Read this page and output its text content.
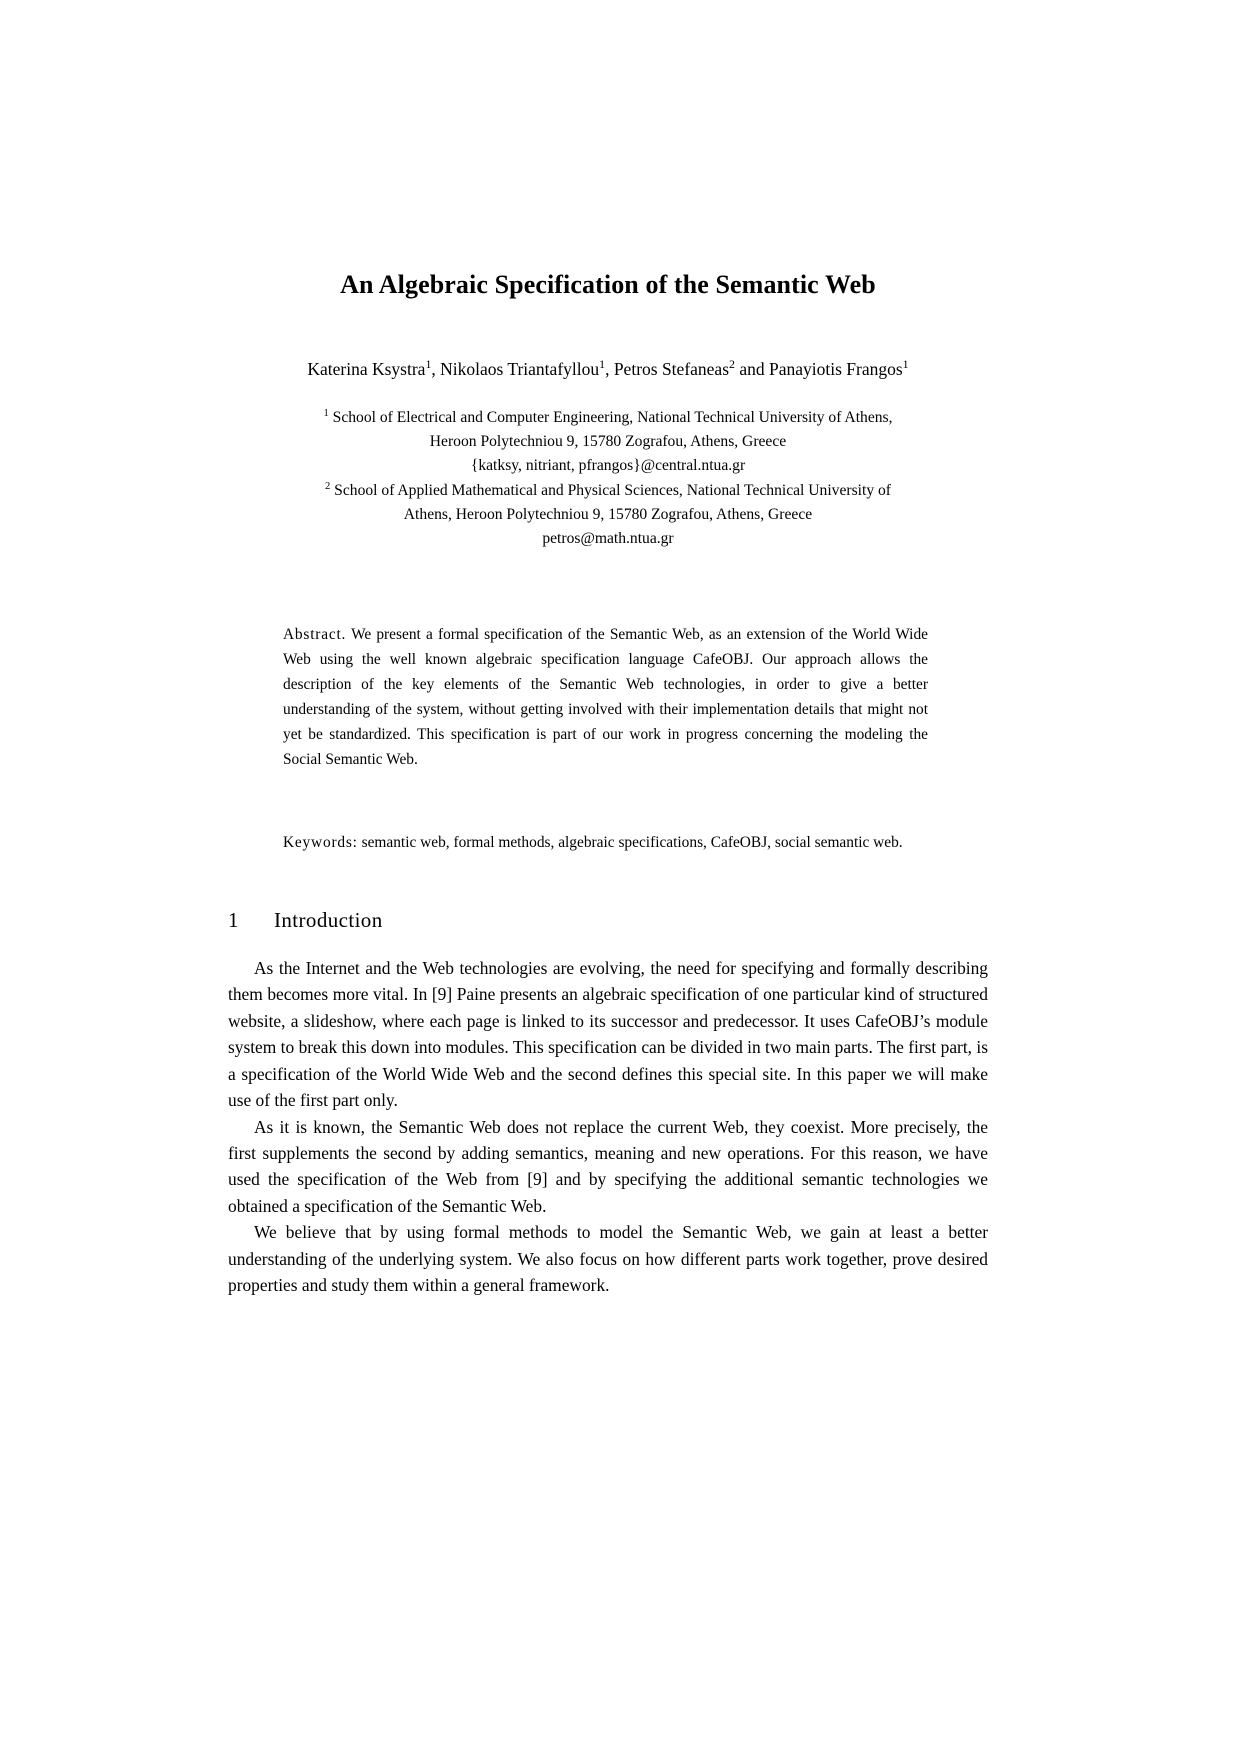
An Algebraic Specification of the Semantic Web
Katerina Ksystra$^1$, Nikolaos Triantafyllou$^1$, Petros Stefaneas$^2$ and Panayiotis Frangos$^1$
$^1$ School of Electrical and Computer Engineering, National Technical University of Athens,
Heroon Polytechniou 9, 15780 Zografou, Athens, Greece
{katksy, nitriant, pfrangos}@central.ntua.gr
$^2$ School of Applied Mathematical and Physical Sciences, National Technical University of
Athens, Heroon Polytechniou 9, 15780 Zografou, Athens, Greece
petros@math.ntua.gr
Abstract. We present a formal specification of the Semantic Web, as an extension of the World Wide Web using the well known algebraic specification language CafeOBJ. Our approach allows the description of the key elements of the Semantic Web technologies, in order to give a better understanding of the system, without getting involved with their implementation details that might not yet be standardized. This specification is part of our work in progress concerning the modeling the Social Semantic Web.
Keywords: semantic web, formal methods, algebraic specifications, CafeOBJ, social semantic web.
1 Introduction

As the Internet and the Web technologies are evolving, the need for specifying and formally describing them becomes more vital. In [9] Paine presents an algebraic specification of one particular kind of structured website, a slideshow, where each page is linked to its successor and predecessor. It uses CafeOBJ’s module system to break this down into modules. This specification can be divided in two main parts. The first part, is a specification of the World Wide Web and the second defines this special site. In this paper we will make use of the first part only.

As it is known, the Semantic Web does not replace the current Web, they coexist. More precisely, the first supplements the second by adding semantics, meaning and new operations. For this reason, we have used the specification of the Web from [9] and by specifying the additional semantic technologies we obtained a specification of the Semantic Web.

We believe that by using formal methods to model the Semantic Web, we gain at least a better understanding of the underlying system. We also focus on how different parts work together, prove desired properties and study them within a general framework.
